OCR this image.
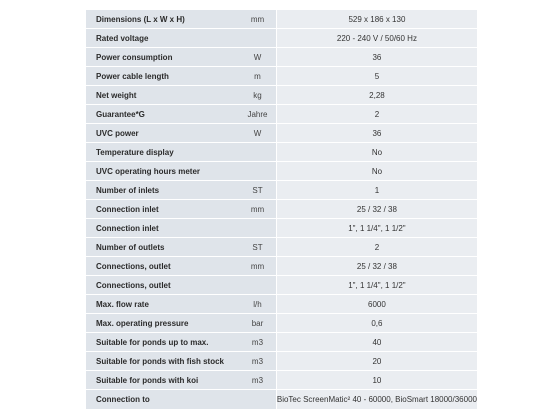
Dimensions (L x W x H)	mm	529 x 186 x 130
Rated voltage		220 - 240 V / 50/60 Hz
Power consumption	W	36
Power cable length	m	5
Net weight	kg	2,28
Guarantee*G	Jahre	2
UVC power	W	36
Temperature display		No
UVC operating hours meter		No
Number of inlets	ST	1
Connection inlet	mm	25 / 32 / 38
Connection inlet		1", 1 1/4", 1 1/2"
Number of outlets	ST	2
Connections, outlet	mm	25 / 32 / 38
Connections, outlet		1", 1 1/4", 1 1/2"
Max. flow rate	l/h	6000
Max. operating pressure	bar	0,6
Suitable for ponds up to max.	m3	40
Suitable for ponds with fish stock	m3	20
Suitable for ponds with koi	m3	10
Connection to		BioTec ScreenMatic² 40 - 60000, BioSmart 18000/36000
